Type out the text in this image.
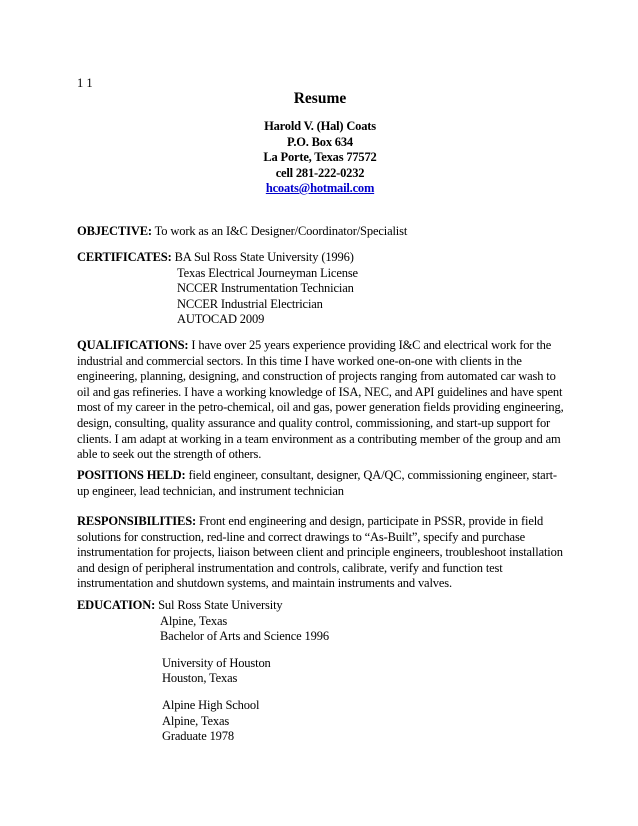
1 1
Resume
Harold V. (Hal) Coats
P.O. Box 634
La Porte, Texas 77572
cell 281-222-0232
hcoats@hotmail.com
OBJECTIVE: To work as an I&C Designer/Coordinator/Specialist
CERTIFICATES: BA Sul Ross State University (1996)
Texas Electrical Journeyman License
NCCER Instrumentation Technician
NCCER Industrial Electrician
AUTOCAD 2009
QUALIFICATIONS: I have over 25 years experience providing I&C and electrical work for the industrial and commercial sectors. In this time I have worked one-on-one with clients in the engineering, planning, designing, and construction of projects ranging from automated car wash to oil and gas refineries. I have a working knowledge of ISA, NEC, and API guidelines and have spent most of my career in the petro-chemical, oil and gas, power generation fields providing engineering, design, consulting, quality assurance and quality control, commissioning, and start-up support for clients. I am adapt at working in a team environment as a contributing member of the group and am able to seek out the strength of others.
POSITIONS HELD: field engineer, consultant, designer, QA/QC, commissioning engineer, start-up engineer, lead technician, and instrument technician
RESPONSIBILITIES: Front end engineering and design, participate in PSSR, provide in field solutions for construction, red-line and correct drawings to “As-Built”, specify and purchase instrumentation for projects, liaison between client and principle engineers, troubleshoot installation and design of peripheral instrumentation and controls, calibrate, verify and function test instrumentation and shutdown systems, and maintain instruments and valves.
EDUCATION: Sul Ross State University
Alpine, Texas
Bachelor of Arts and Science 1996
University of Houston
Houston, Texas
Alpine High School
Alpine, Texas
Graduate 1978
